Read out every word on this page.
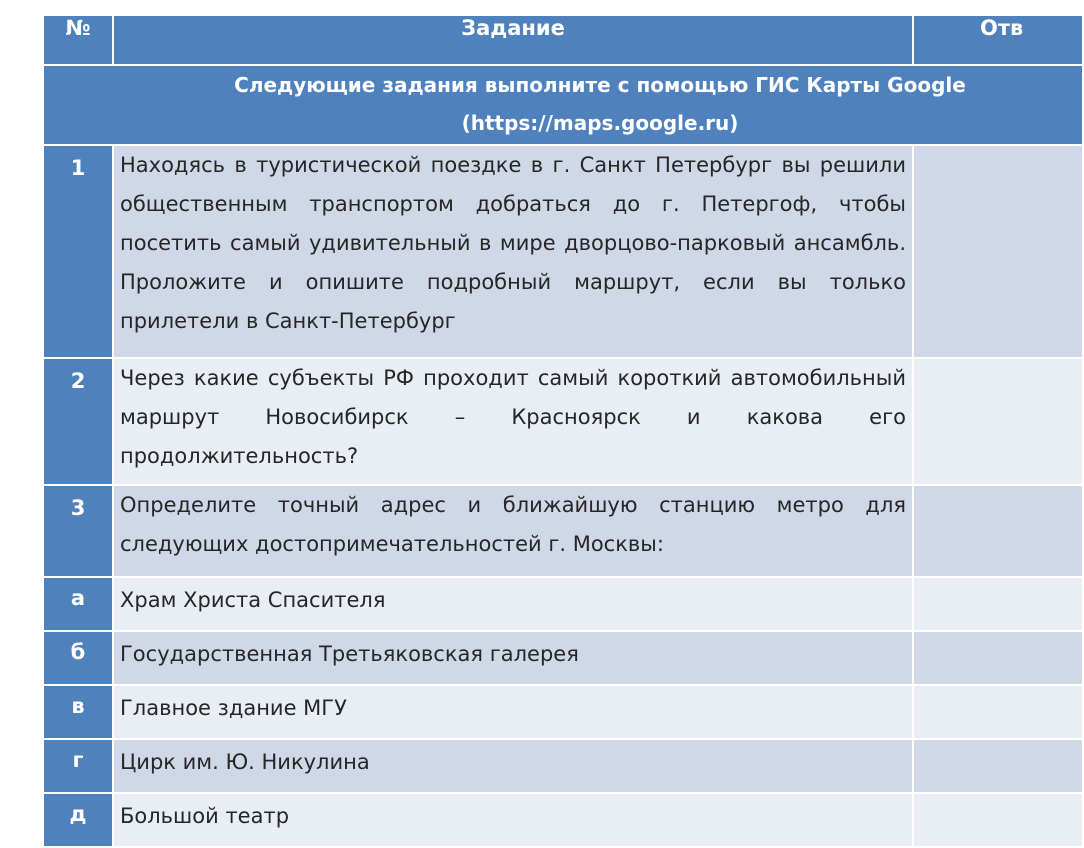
№	Задание	Отв

Следующие задания выполните с помощью ГИС Карты Google
(https://maps.google.ru)		

1	Находясь в туристической поездке в г. Санкт Петербург вы решили общественным транспортом добраться до г. Петергоф, чтобы посетить самый удивительный в мире дворцово-парковый ансамбль. Проложите и опишите подробный маршрут, если вы только прилетели в Санкт-Петербург	
2	Через какие субъекты РФ проходит самый короткий автомобильный маршрут Новосибирск – Красноярск и какова его продолжительность?	
3	Определите точный адрес и ближайшую станцию метро для следующих достопримечательностей г. Москвы:	
а	Храм Христа Спасителя	
б	Государственная Третьяковская галерея	
в	Главное здание МГУ	
г	Цирк им. Ю. Никулина	
д	Большой театр	
